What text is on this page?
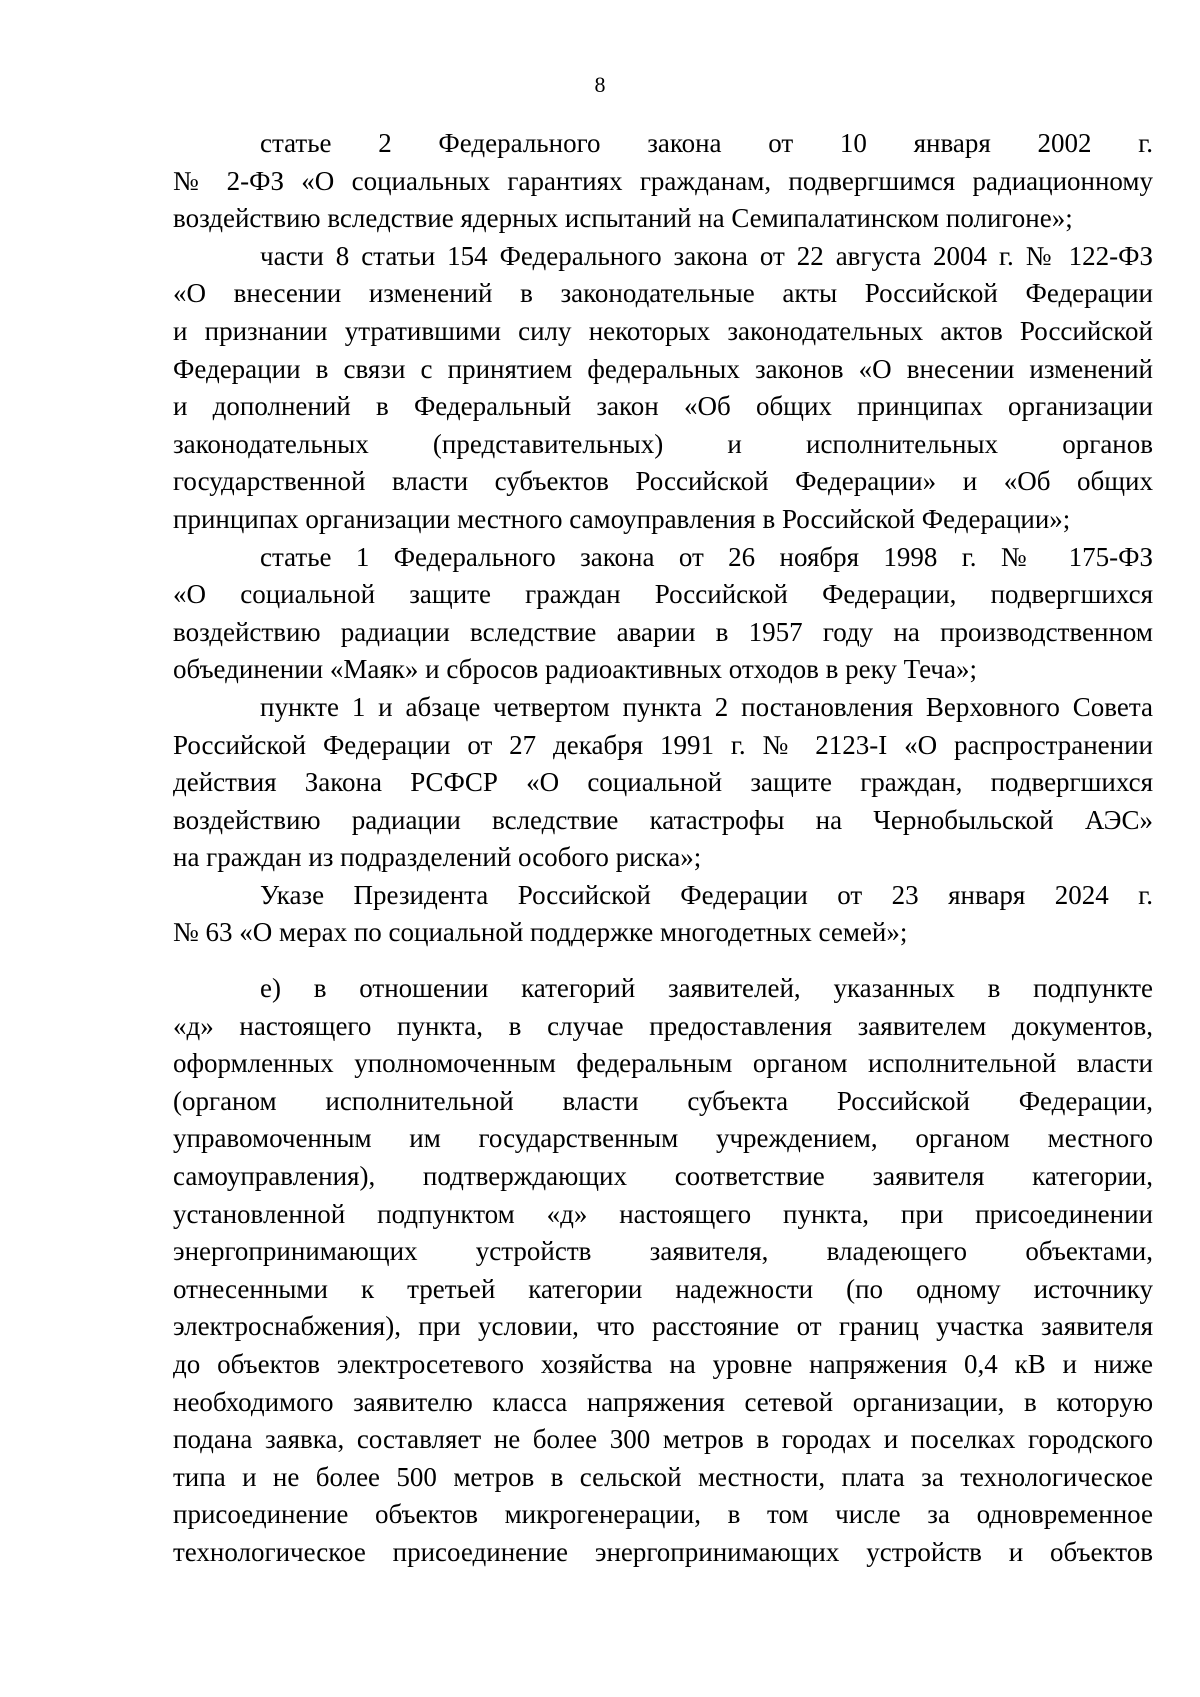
8
статье 2 Федерального закона от 10 января 2002 г.
№ 2-ФЗ «О социальных гарантиях гражданам, подвергшимся радиационному
воздействию вследствие ядерных испытаний на Семипалатинском полигоне»;
части 8 статьи 154 Федерального закона от 22 августа 2004 г. № 122-ФЗ
«О внесении изменений в законодательные акты Российской Федерации
и признании утратившими силу некоторых законодательных актов Российской
Федерации в связи с принятием федеральных законов «О внесении изменений
и дополнений в Федеральный закон «Об общих принципах организации
законодательных (представительных) и исполнительных органов
государственной власти субъектов Российской Федерации» и «Об общих
принципах организации местного самоуправления в Российской Федерации»;
статье 1 Федерального закона от 26 ноября 1998 г. № 175-ФЗ
«О социальной защите граждан Российской Федерации, подвергшихся
воздействию радиации вследствие аварии в 1957 году на производственном
объединении «Маяк» и сбросов радиоактивных отходов в реку Теча»;
пункте 1 и абзаце четвертом пункта 2 постановления Верховного Совета
Российской Федерации от 27 декабря 1991 г. № 2123-I «О распространении
действия Закона РСФСР «О социальной защите граждан, подвергшихся
воздействию радиации вследствие катастрофы на Чернобыльской АЭС»
на граждан из подразделений особого риска»;
Указе Президента Российской Федерации от 23 января 2024 г.
№ 63 «О мерах по социальной поддержке многодетных семей»;
е) в отношении категорий заявителей, указанных в подпункте
«д» настоящего пункта, в случае предоставления заявителем документов,
оформленных уполномоченным федеральным органом исполнительной власти
(органом исполнительной власти субъекта Российской Федерации,
управомоченным им государственным учреждением, органом местного
самоуправления), подтверждающих соответствие заявителя категории,
установленной подпунктом «д» настоящего пункта, при присоединении
энергопринимающих устройств заявителя, владеющего объектами,
отнесенными к третьей категории надежности (по одному источнику
электроснабжения), при условии, что расстояние от границ участка заявителя
до объектов электросетевого хозяйства на уровне напряжения 0,4 кВ и ниже
необходимого заявителю класса напряжения сетевой организации, в которую
подана заявка, составляет не более 300 метров в городах и поселках городского
типа и не более 500 метров в сельской местности, плата за технологическое
присоединение объектов микрогенерации, в том числе за одновременное
технологическое присоединение энергопринимающих устройств и объектов
